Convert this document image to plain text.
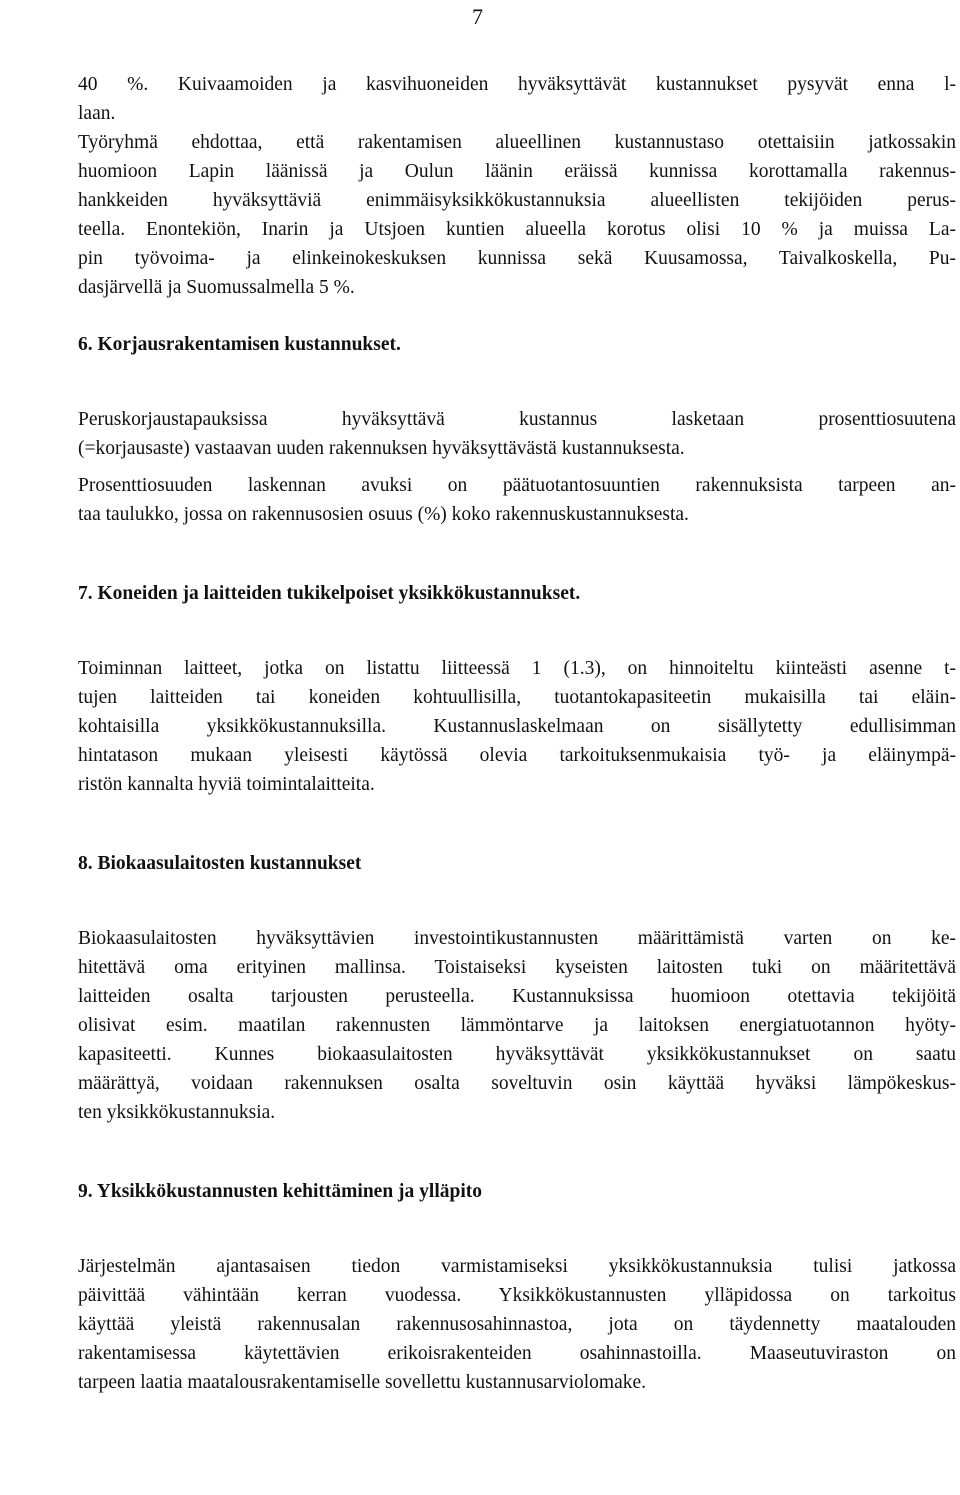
7
40 %. Kuivaamoiden ja kasvihuoneiden hyväksyttävät kustannukset pysyvät enna l-
laan.
Työryhmä ehdottaa, että rakentamisen alueellinen kustannustaso otettaisiin jatkossakin
huomioon Lapin läänissä ja Oulun läänin eräissä kunnissa korottamalla rakennus-
hankkeiden hyväksyttäviä enimmäisyksikkökustannuksia alueellisten tekijöiden perus-
teella. Enontekiön, Inarin ja Utsjoen kuntien alueella korotus olisi 10 % ja muissa La-
pin työvoima- ja elinkeinokeskuksen kunnissa sekä Kuusamossa, Taivalkoskella, Pu-
dasjärvellä ja Suomussalmella 5 %.
6. Korjausrakentamisen kustannukset.
Peruskorjaustapauksissa hyväksyttävä kustannus lasketaan prosenttiosuutena
(=korjausaste) vastaavan uuden rakennuksen hyväksyttävästä kustannuksesta.
Prosenttiosuuden laskennan avuksi on päätuotantosuuntien rakennuksista tarpeen an-
taa taulukko, jossa on rakennusosien osuus (%) koko rakennuskustannuksesta.
7. Koneiden ja laitteiden tukikelpoiset yksikkökustannukset.
Toiminnan laitteet, jotka on listattu liitteessä 1 (1.3), on hinnoiteltu kiinteästi asenne t-
tujen laitteiden tai koneiden kohtuullisilla, tuotantokapasiteetin mukaisilla tai eläin-
kohtaisilla yksikkökustannuksilla. Kustannuslaskelmaan on sisällytetty edullisimman
hintatason mukaan yleisesti käytössä olevia tarkoituksenmukaisia työ- ja eläinympä-
ristön kannalta hyviä toimintalaitteita.
8. Biokaasulaitosten kustannukset
Biokaasulaitosten hyväksyttävien investointikustannusten määrittämistä varten on ke-
hitettävä oma erityinen mallinsa. Toistaiseksi kyseisten laitosten tuki on määritettävä
laitteiden osalta tarjousten perusteella. Kustannuksissa huomioon otettavia tekijöitä
olisivat esim. maatilan rakennusten lämmöntarve ja laitoksen energiatuotannon hyöty-
kapasiteetti. Kunnes biokaasulaitosten hyväksyttävät yksikkökustannukset on saatu
määrättyä, voidaan rakennuksen osalta soveltuvin osin käyttää hyväksi lämpökeskus-
ten yksikkökustannuksia.
9. Yksikkökustannusten kehittäminen ja ylläpito
Järjestelmän ajantasaisen tiedon varmistamiseksi yksikkökustannuksia tulisi jatkossa
päivittää vähintään kerran vuodessa. Yksikkökustannusten ylläpidossa on tarkoitus
käyttää yleistä rakennusalan rakennusosahinnastoa, jota on täydennetty maatalouden
rakentamisessa käytettävien erikoisrakenteiden osahinnastoilla. Maaseutuviraston on
tarpeen laatia maatalousrakentamiselle sovellettu kustannusarviolomake.
